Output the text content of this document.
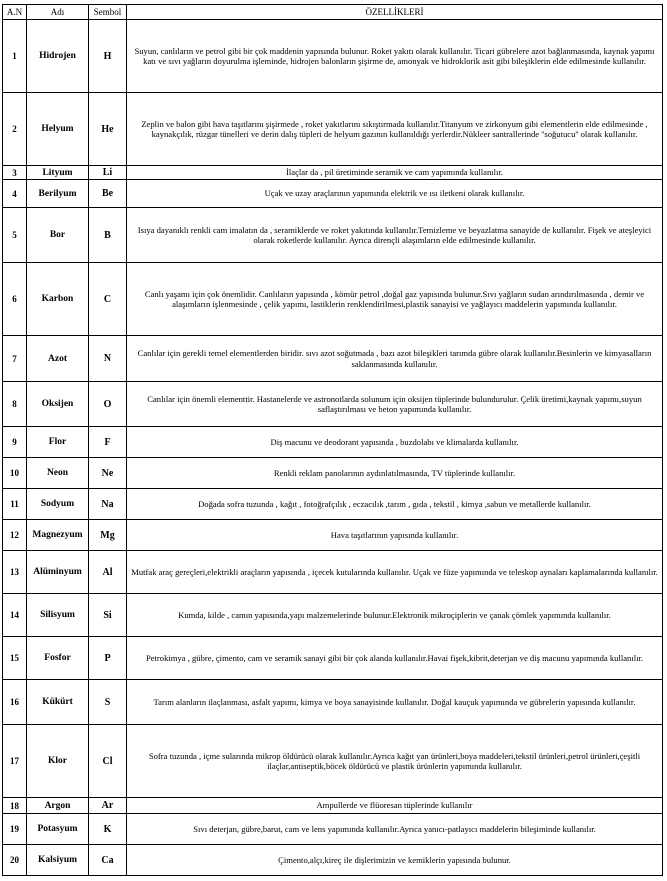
A.N	Adı	Sembol	ÖZELLİKLERİ
1	Hidrojen	H	Suyun, canlıların ve petrol gibi bir çok maddenin yapısında bulunur. Roket yakıtı olarak kullanılır. Ticari gübrelere azot bağlanmasında, kaynak yapımı katı ve sıvı yağların doyurulma işleminde, hidrojen balonların şişirme de, amonyak ve hidroklorik asit gibi bileşiklerin elde edilmesinde kullanılır.
2	Helyum	He	Zeplin ve balon gibi hava taşıtlarını şişirmede , roket yakıtlarını sıkıştırmada kullanılır.Titanyum ve zirkonyum gibi elementlerin elde edilmesinde , kaynakçılık, rüzgar tünelleri ve derin dalış tüpleri de helyum gazının kullanıldığı yerlerdir.Nükleer santrallerinde ''soğutucu'' olarak kullanılır.
3	Lityum	Li	İlaçlar da , pil üretiminde seramik ve cam yapımında kullanılır.
4	Berilyum	Be	Uçak ve uzay araçlarının yapımında elektrik ve ısı iletkeni olarak kullanılır.
5	Bor	B	Isıya dayanıklı renkli cam imalatın da , seramiklerde ve roket yakıtında kullanılır.Temizleme ve beyazlatma sanayide de kullanılır. Fişek ve ateşleyici olarak roketlerde kullanılır. Ayrıca dirençli alaşımların elde edilmesinde kullanılır.
6	Karbon	C	Canlı yaşamı için çok önemlidir. Canlıların yapısında , kömür petrol ,doğal gaz yapısında bulunur.Sıvı yağların sudan arındırılmasında , demir ve alaşımların işlenmesinde , çelik yapımı, lastiklerin renklendirilmesi,plastik sanayisi ve yağlayıcı maddelerin yapımında kullanılır.
7	Azot	N	Canlılar için gerekli temel elementlerden biridir. sıvı azot soğutmada , bazı azot bileşikleri tarımda gübre olarak kullanılır.Besinlerin ve kimyasalların saklanmasında kullanılır.
8	Oksijen	O	Canlılar için önemli elementtir. Hastanelerde ve astronotlarda solunum için oksijen tüplerinde bulundurulur. Çelik üretimi,kaynak yapımı,suyun saflaştırılması ve beton yapımında kullanılır.
9	Flor	F	Diş macunu ve deodorant yapısında , buzdolabı ve klimalarda kullanılır.
10	Neon	Ne	Renkli reklam panolarının aydınlatılmasında, TV tüplerinde kullanılır.
11	Sodyum	Na	Doğada sofra tuzunda , kağıt , fotoğrafçılık , eczacılık ,tarım , gıda , tekstil , kimya ,sabun ve metallerde kullanılır.
12	Magnezyum	Mg	Hava taşıtlarının yapısında kullanılır.
13	Alüminyum	Al	Mutfak araç gereçleri,elektrikli araçların yapısında , içecek kutularında kullanılır. Uçak ve füze yapımında ve teleskop aynaları kaplamalarında kullanılır.
14	Silisyum	Si	Kumda, kilde , camın yapısında,yapı malzemelerinde bulunur.Elektronik mikroçiplerin ve çanak çömlek yapımında kullanılır.
15	Fosfor	P	Petrokimya , gübre, çimento, cam ve seramik sanayi gibi bir çok alanda kullanılır.Havai fişek,kibrit,deterjan ve diş macunu yapımında kullanılır.
16	Kükürt	S	Tarım alanların ilaçlanması, asfalt yapımı, kimya ve boya sanayisinde kullanılır. Doğal kauçuk yapımında ve gübrelerin yapısında kullanılır.
17	Klor	Cl	Sofra tuzunda , içme sularında mikrop öldürücü olarak kullanılır.Ayrıca kağıt yan ürünleri,boya maddeleri,tekstil ürünleri,petrol ürünleri,çeşitli ilaçlar,antiseptik,böcek öldürücü ve plastik ürünlerin yapımında kullanılır.
18	Argon	Ar	Ampullerde ve flüoresan tüplerinde kullanılır
19	Potasyum	K	Sıvı deterjan, gübre,barut, cam ve lens yapımında kullanılır.Ayrıca yanıcı-patlayıcı maddelerin bileşiminde kullanılır.
20	Kalsiyum	Ca	Çimento,alçı,kireç ile dişlerimizin ve kemiklerin yapısında bulunur.
